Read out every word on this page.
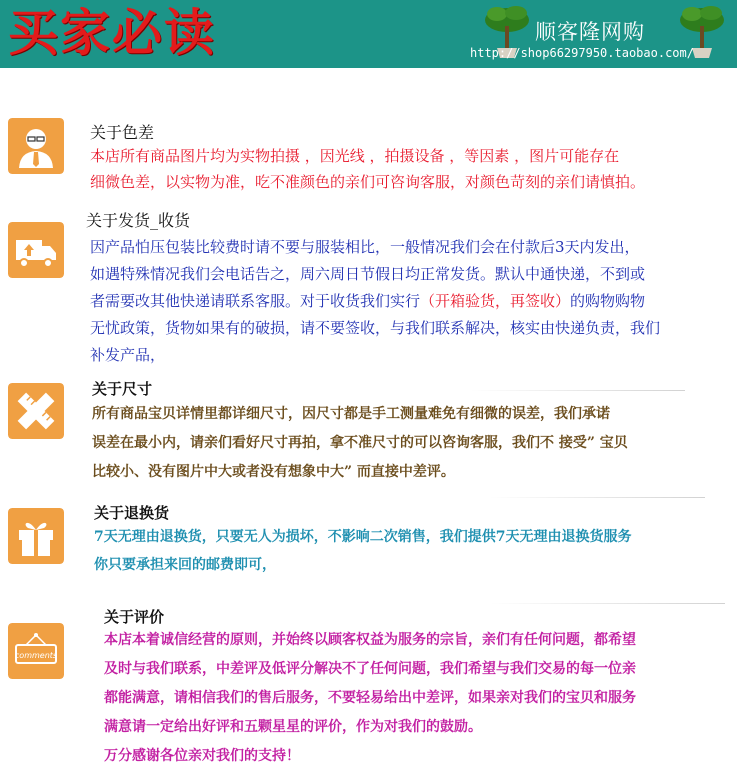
买家必读	顺客隆网购
http://shop66297950.taobao.com/
关于色差
本店所有商品图片均为实物拍摄 ，因光线 ，拍摄设备 ，等因素 ，图片可能存在
细微色差，以实物为准，吃不准颜色的亲们可咨询客服，对颜色苛刻的亲们请慎拍。
关于发货_收货
因产品怕压包装比较费时请不要与服装相比，一般情况我们会在付款后3天内发出，
如遇特殊情况我们会电话告之，周六周日节假日均正常发货。默认中通快递，不到或
者需要改其他快递请联系客服。对于收货我们实行（开箱验货，再签收）的购物购物
无忧政策，货物如果有的破损，请不要签收，与我们联系解决，核实由快递负责，我们
补发产品，
关于尺寸
所有商品宝贝详情里都详细尺寸，因尺寸都是手工测量难免有细微的误差，我们承诺
误差在最小内，请亲们看好尺寸再拍，拿不准尺寸的可以咨询客服，我们不 接受” 宝贝
比较小、没有图片中大或者没有想象中大” 而直接中差评。
关于退换货
7天无理由退换货，只要无人为损坏，不影响二次销售，我们提供7天无理由退换货服务
你只要承担来回的邮费即可，
comments
关于评价
本店本着诚信经营的原则，并始终以顾客权益为服务的宗旨，亲们有任何问题，都希望
及时与我们联系，中差评及低评分解决不了任何问题，我们希望与我们交易的每一位亲
都能满意，请相信我们的售后服务，不要轻易给出中差评，如果亲对我们的宝贝和服务
满意请一定给出好评和五颗星星的评价，作为对我们的鼓励。
万分感谢各位亲对我们的支持！
